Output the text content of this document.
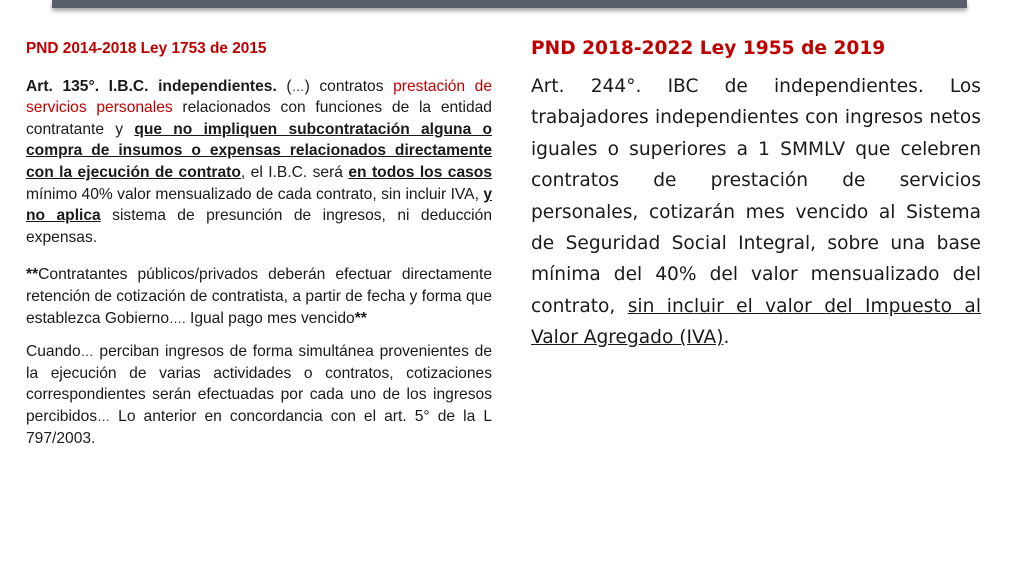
PND 2014-2018 Ley 1753 de 2015

Art. 135°. I.B.C. independientes. (…) contratos prestación de servicios personales relacionados con funciones de la entidad contratante y que no impliquen subcontratación alguna o compra de insumos o expensas relacionados directamente con la ejecución de contrato, el I.B.C. será en todos los casos mínimo 40% valor mensualizado de cada contrato, sin incluir IVA, y no aplica sistema de presunción de ingresos, ni deducción expensas.

**Contratantes públicos/privados deberán efectuar directamente retención de cotización de contratista, a partir de fecha y forma que establezca Gobierno…. Igual pago mes vencido**

Cuando… perciban ingresos de forma simultánea provenientes de la ejecución de varias actividades o contratos, cotizaciones correspondientes serán efectuadas por cada uno de los ingresos percibidos… Lo anterior en concordancia con el art. 5° de la L 797/2003.

PND 2018-2022 Ley 1955 de 2019

Art. 244°. IBC de independientes. Los trabajadores independientes con ingresos netos iguales o superiores a 1 SMMLV que celebren contratos de prestación de servicios personales, cotizarán mes vencido al Sistema de Seguridad Social Integral, sobre una base mínima del 40% del valor mensualizado del contrato, sin incluir el valor del Impuesto al Valor Agregado (IVA).
